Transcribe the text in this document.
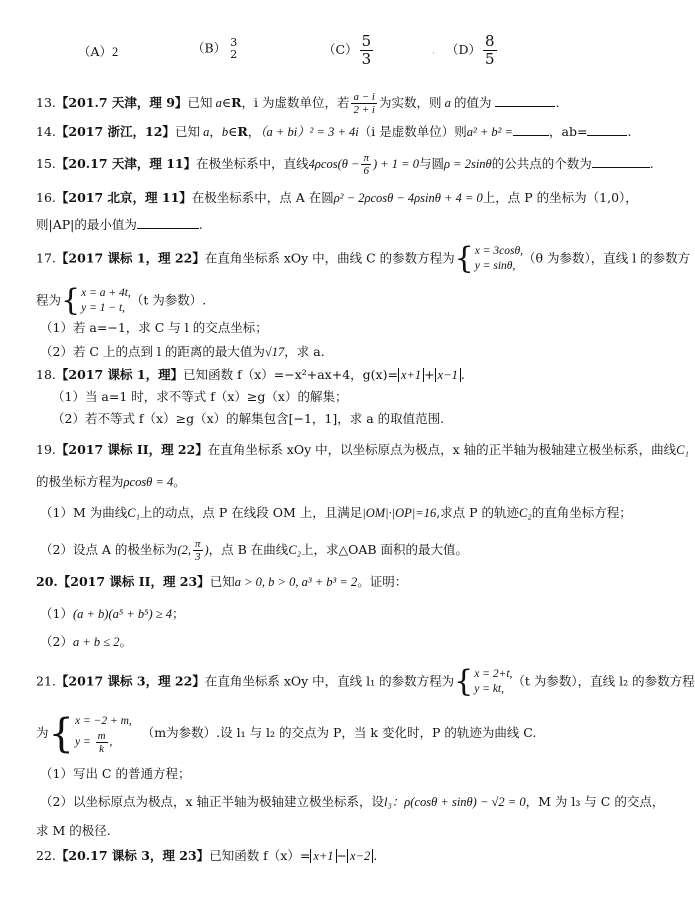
（A）2	（B） 3
2	$(C) \frac{5}{3}$	· $(D) \frac{8}{5}$
13.【201.7 天津，理 9】已知 a∈R，i 为虚数单位，若 $\frac{a - i}{2 + i}$ 为实数，则 a 的值为	.
14.【2017 浙江，12】已知 a，b∈R，（a + bi）² = 3 + 4i（i 是虚数单位）则a² + b² =	，ab=	.
15.【20.17 天津，理 11】在极坐标系中，直线$4\rho\cos(\theta - \frac{\pi}{6}$ ) + 1 = 0与圆ρ = 2sinθ的公共点的个数为	.
16.【2017 北京，理 11】在极坐标系中，点 A 在圆ρ² − 2ρcosθ − 4ρsinθ + 4 = 0上，点 P 的坐标为（1,0），
则|AP|的最小值为	.
17.【2017 课标 1，理 22】在直角坐标系 xOy 中，曲线 C 的参数方程为{ x = 3cosθ,
y = sinθ,
（θ 为参数），直线 l 的参数方
程为{ x = a + 4t,
y = 1 − t,
（t 为参数）.
（1）若 a=−1，求 C 与 l 的交点坐标；
（2）若 C 上的点到 l 的距离的最大值为√17，求 a.
18.【2017 课标 1，理】已知函数 f（x）=−x²+ax+4，g(x)= x+1 + x−1 .
（1）当 a=1 时，求不等式 f（x）≥g（x）的解集；
（2）若不等式 f（x）≥g（x）的解集包含[−1，1]，求 a 的取值范围.
19.【2017 课标 II，理 22】在直角坐标系 xOy 中，以坐标原点为极点，x 轴的正半轴为极轴建立极坐标系，曲线C₁
的极坐标方程为ρcosθ = 4。
（1）M 为曲线C₁上的动点，点 P 在线段 OM 上，且满足|OM|·|OP|=16,求点 P 的轨迹C₂的直角坐标方程；
（2）设点 A 的极坐标为(2, $\frac{\pi}{3}$ )，点 B 在曲线C₂上，求△OAB 面积的最大值。
20.【2017 课标 II，理 23】已知a > 0, b > 0, a³ + b³ = 2。证明：
（1）(a + b)(a⁵ + b⁵) ≥ 4；
（2）a + b ≤ 2。
21.【2017 课标 3，理 22】在直角坐标系 xOy 中，直线 l₁ 的参数方程为{ x = 2+t,
y = kt,
（t 为参数），直线 l₂ 的参数方程
为{ x = −2 + m,
$y = \frac{m}{k}$ ,
（m为参数）.设 l₁ 与 l₂ 的交点为 P，当 k 变化时，P 的轨迹为曲线 C.
（1）写出 C 的普通方程；
（2）以坐标原点为极点，x 轴正半轴为极轴建立极坐标系，设l₃：ρ(cosθ + sinθ) − √2 = 0，M 为 l₃ 与 C 的交点，
求 M 的极径.
22.【20.17 课标 3，理 23】已知函数 f（x）= x+1 − x−2 .
